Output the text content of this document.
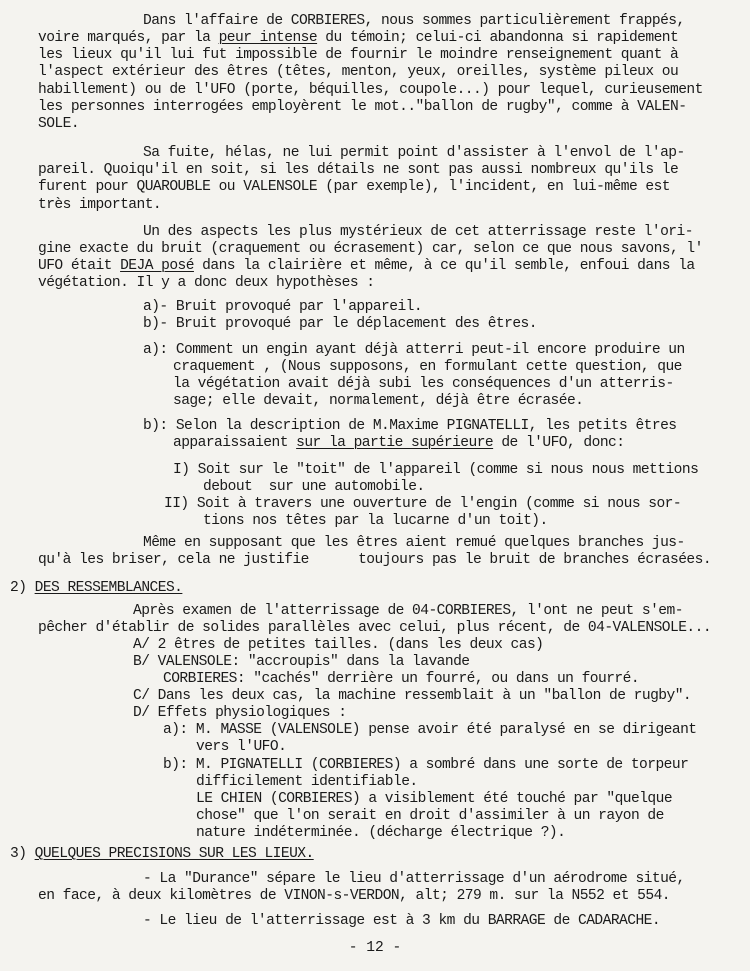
Dans l'affaire de CORBIERES, nous sommes particulièrement frappés,
voire marqués, par la peur intense du témoin; celui-ci abandonna si rapidement
les lieux qu'il lui fut impossible de fournir le moindre renseignement quant à
l'aspect extérieur des êtres (têtes, menton, yeux, oreilles, système pileux ou
habillement) ou de l'UFO (porte, béquilles, coupole...) pour lequel, curieusement
les personnes interrogées employèrent le mot.."ballon de rugby", comme à VALEN-
SOLE.
Sa fuite, hélas, ne lui permit point d'assister à l'envol de l'ap-
pareil. Quoiqu'il en soit, si les détails ne sont pas aussi nombreux qu'ils le
furent pour QUAROUBLE ou VALENSOLE (par exemple), l'incident, en lui-même est
très important.
Un des aspects les plus mystérieux de cet atterrissage reste l'ori-
gine exacte du bruit (craquement ou écrasement) car, selon ce que nous savons, l'
UFO était DEJA posé dans la clairière et même, à ce qu'il semble, enfoui dans la
végétation. Il y a donc deux hypothèses :
a)- Bruit provoqué par l'appareil.
b)- Bruit provoqué par le déplacement des êtres.
a): Comment un engin ayant déjà atterri peut-il encore produire un
craquement , (Nous supposons, en formulant cette question, que
la végétation avait déjà subi les conséquences d'un atterris-
sage; elle devait, normalement, déjà être écrasée.
b): Selon la description de M.Maxime PIGNATELLI, les petits êtres
apparaissaient sur la partie supérieure de l'UFO, donc:
I) Soit sur le "toit" de l'appareil (comme si nous nous mettions
debout  sur une automobile.
II) Soit à travers une ouverture de l'engin (comme si nous sor-
tions nos têtes par la lucarne d'un toit).
Même en supposant que les êtres aient remué quelques branches jus-
qu'à les briser, cela ne justifie      toujours pas le bruit de branches écrasées.
2) DES RESSEMBLANCES.
Après examen de l'atterrissage de 04-CORBIERES, l'ont ne peut s'em-
pêcher d'établir de solides parallèles avec celui, plus récent, de 04-VALENSOLE...
A/ 2 êtres de petites tailles. (dans les deux cas)
B/ VALENSOLE: "accroupis" dans la lavande
CORBIERES: "cachés" derrière un fourré, ou dans un fourré.
C/ Dans les deux cas, la machine ressemblait à un "ballon de rugby".
D/ Effets physiologiques :
a): M. MASSE (VALENSOLE) pense avoir été paralysé en se dirigeant
vers l'UFO.
b): M. PIGNATELLI (CORBIERES) a sombré dans une sorte de torpeur
difficilement identifiable.
LE CHIEN (CORBIERES) a visiblement été touché par "quelque
chose" que l'on serait en droit d'assimiler à un rayon de
nature indéterminée. (décharge électrique ?).
3) QUELQUES PRECISIONS SUR LES LIEUX.
- La "Durance" sépare le lieu d'atterrissage d'un aérodrome situé,
en face, à deux kilomètres de VINON-s-VERDON, alt; 279 m. sur la N552 et 554.
- Le lieu de l'atterrissage est à 3 km du BARRAGE de CADARACHE.
- 12 -
